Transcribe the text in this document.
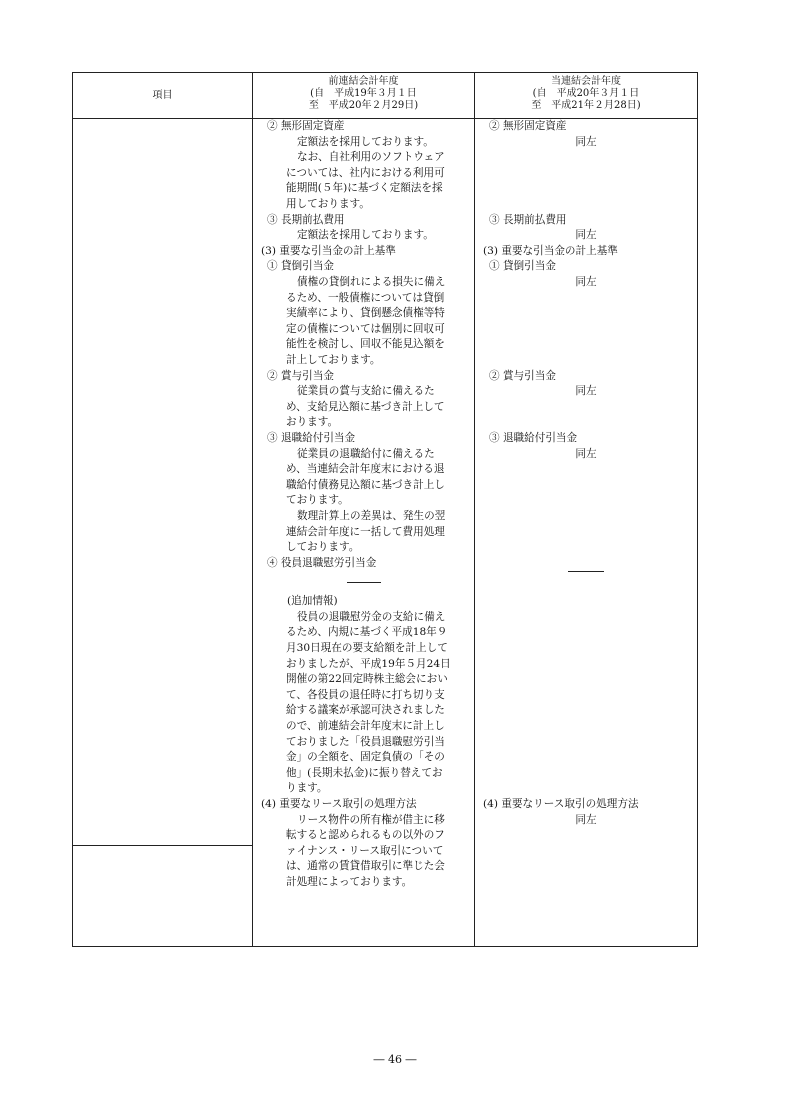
項目
前連結会計年度
(自　平成19年３月１日
至　平成20年２月29日)
当連結会計年度
(自　平成20年３月１日
至　平成21年２月28日)
② 無形固定資産
定額法を採用しております。
なお、自社利用のソフトウェア
については、社内における利用可
能期間(５年)に基づく定額法を採
用しております。
③ 長期前払費用
定額法を採用しております。
(3) 重要な引当金の計上基準
① 貸倒引当金
債権の貸倒れによる損失に備え
るため、一般債権については貸倒
実績率により、貸倒懸念債権等特
定の債権については個別に回収可
能性を検討し、回収不能見込額を
計上しております。
② 賞与引当金
従業員の賞与支給に備えるた
め、支給見込額に基づき計上して
おります。
③ 退職給付引当金
従業員の退職給付に備えるた
め、当連結会計年度末における退
職給付債務見込額に基づき計上し
ております。
数理計算上の差異は、発生の翌
連結会計年度に一括して費用処理
しております。
④ 役員退職慰労引当金
(追加情報)
役員の退職慰労金の支給に備え
るため、内規に基づく平成18年９
月30日現在の要支給額を計上して
おりましたが、平成19年５月24日
開催の第22回定時株主総会におい
て、各役員の退任時に打ち切り支
給する議案が承認可決されました
ので、前連結会計年度末に計上し
ておりました「役員退職慰労引当
金」の全額を、固定負債の「その
他」(長期未払金)に振り替えてお
ります。
(4) 重要なリース取引の処理方法
リース物件の所有権が借主に移
転すると認められるもの以外のフ
ァイナンス・リース取引について
は、通常の賃貸借取引に準じた会
計処理によっております。
② 無形固定資産
同左
③ 長期前払費用
同左
(3) 重要な引当金の計上基準
① 貸倒引当金
同左
② 賞与引当金
同左
③ 退職給付引当金
同左
(4) 重要なリース取引の処理方法
同左
― 46 ―
